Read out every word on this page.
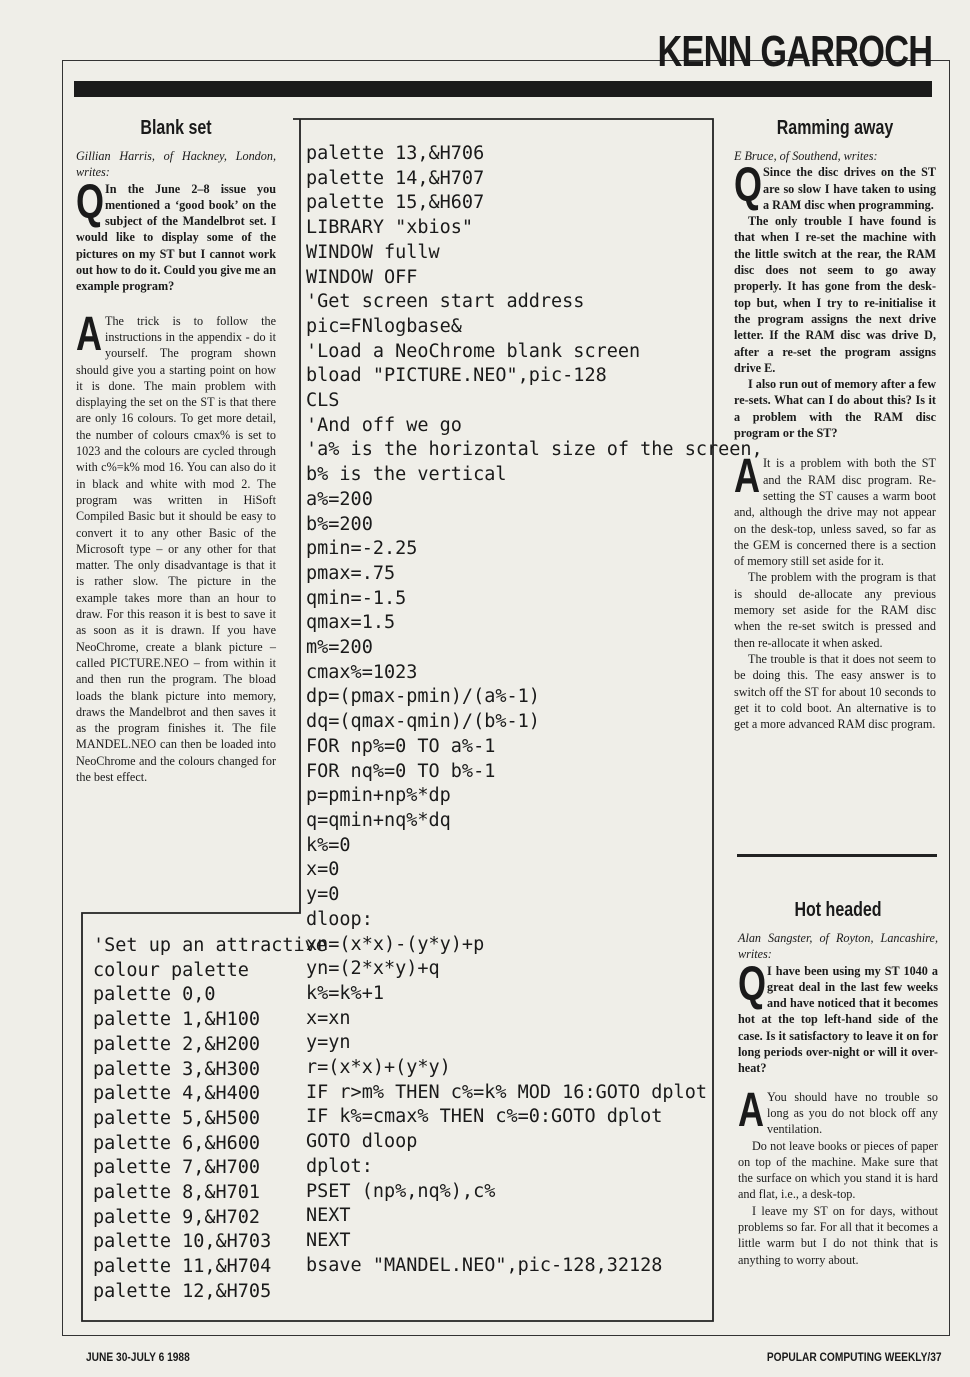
KENN GARROCH
Blank set

Gillian Harris, of Hackney, London, writes:

Q In the June 2–8 issue you mentioned a ‘good book’ on the subject of the Mandelbrot set. I would like to display some of the pictures on my ST but I cannot work out how to do it. Could you give me an example program?

A The trick is to follow the instructions in the appendix - do it yourself. The program shown should give you a starting point on how it is done. The main problem with displaying the set on the ST is that there are only 16 colours. To get more detail, the number of colours cmax% is set to 1023 and the colours are cycled through with c%=k% mod 16. You can also do it in black and white with mod 2. The program was written in HiSoft Compiled Basic but it should be easy to convert it to any other Basic of the Microsoft type – or any other for that matter. The only disadvantage is that it is rather slow. The picture in the example takes more than an hour to draw. For this reason it is best to save it as soon as it is drawn. If you have NeoChrome, create a blank picture – called PICTURE.NEO – from within it and then run the program. The bload loads the blank picture into memory, draws the Mandelbrot and then saves it as the program finishes it. The file MANDEL.NEO can then be loaded into NeoChrome and the colours changed for the best effect.

palette 13,&H706
palette 14,&H707
palette 15,&H607
LIBRARY "xbios"
WINDOW fullw
WINDOW OFF
'Get screen start address
pic=FNlogbase&
'Load a NeoChrome blank screen
bload "PICTURE.NEO",pic-128
CLS
'And off we go
'a% is the horizontal size of the screen,
b% is the vertical
a%=200
b%=200
pmin=-2.25
pmax=.75
qmin=-1.5
qmax=1.5
m%=200
cmax%=1023
dp=(pmax-pmin)/(a%-1)
dq=(qmax-qmin)/(b%-1)
FOR np%=0 TO a%-1
FOR nq%=0 TO b%-1
p=pmin+np%*dp
q=qmin+nq%*dq
k%=0
x=0
y=0
dloop:
xn=(x*x)-(y*y)+p
yn=(2*x*y)+q
k%=k%+1
x=xn
y=yn
r=(x*x)+(y*y)
IF r>m% THEN c%=k% MOD 16:GOTO dplot
IF k%=cmax% THEN c%=0:GOTO dplot
GOTO dloop
dplot:
PSET (np%,nq%),c%
NEXT
NEXT
bsave "MANDEL.NEO",pic-128,32128
'Set up an attractive
colour palette
palette 0,0
palette 1,&H100
palette 2,&H200
palette 3,&H300
palette 4,&H400
palette 5,&H500
palette 6,&H600
palette 7,&H700
palette 8,&H701
palette 9,&H702
palette 10,&H703
palette 11,&H704
palette 12,&H705
Ramming away

E Bruce, of Southend, writes:

Q Since the disc drives on the ST are so slow I have taken to using a RAM disc when programming.

The only trouble I have found is that when I re-set the machine with the little switch at the rear, the RAM disc does not seem to go away properly. It has gone from the desk-top but, when I try to re-initialise it the program assigns the next drive letter. If the RAM disc was drive D, after a re-set the program assigns drive E.

I also run out of memory after a few re-sets. What can I do about this? Is it a problem with the RAM disc program or the ST?

A It is a problem with both the ST and the RAM disc program. Re-setting the ST causes a warm boot and, although the drive may not appear on the desk-top, unless saved, so far as the GEM is concerned there is a section of memory still set aside for it.

The problem with the program is that is should de-allocate any previous memory set aside for the RAM disc when the re-set switch is pressed and then re-allocate it when asked.

The trouble is that it does not seem to be doing this. The easy answer is to switch off the ST for about 10 seconds to get it to cold boot. An alternative is to get a more advanced RAM disc program.

Hot headed

Alan Sangster, of Royton, Lancashire, writes:

Q I have been using my ST 1040 a great deal in the last few weeks and have noticed that it becomes hot at the top left-hand side of the case. Is it satisfactory to leave it on for long periods over-night or will it over-heat?

A You should have no trouble so long as you do not block off any ventilation.

Do not leave books or pieces of paper on top of the machine. Make sure that the surface on which you stand it is hard and flat, i.e., a desk-top.

I leave my ST on for days, without problems so far. For all that it becomes a little warm but I do not think that is anything to worry about.

JUNE 30-JULY 6 1988	POPULAR COMPUTING WEEKLY/37
